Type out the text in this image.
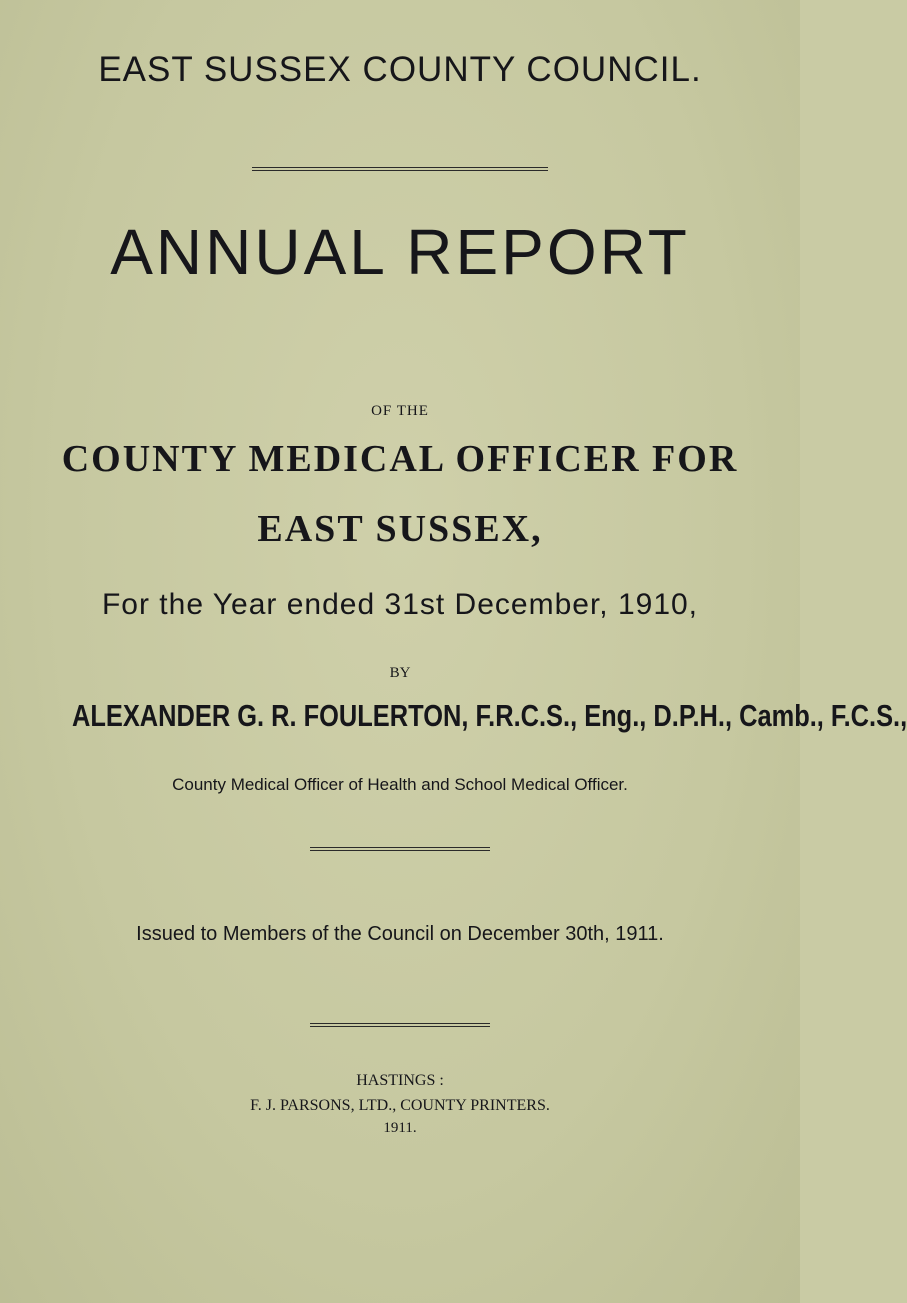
EAST SUSSEX COUNTY COUNCIL.
ANNUAL REPORT
OF THE
COUNTY MEDICAL OFFICER FOR
EAST SUSSEX,
For the Year ended 31st December, 1910,
BY
ALEXANDER G. R. FOULERTON, F.R.C.S., Eng., D.P.H., Camb., F.C.S.,
County Medical Officer of Health and School Medical Officer.
Issued to Members of the Council on December 30th, 1911.
HASTINGS :
F. J. PARSONS, LTD., COUNTY PRINTERS.
1911.
